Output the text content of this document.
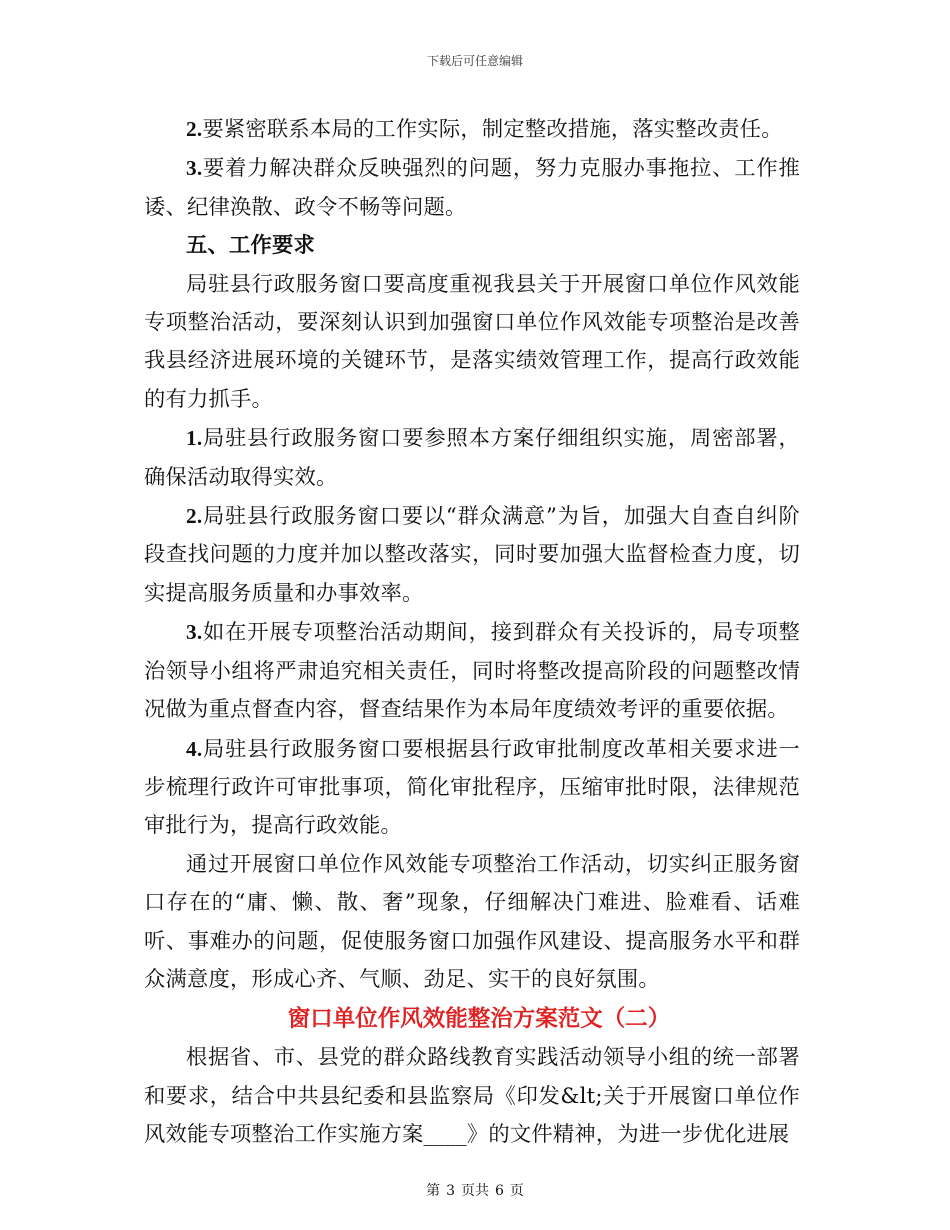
下载后可任意编辑

2.要紧密联系本局的工作实际，制定整改措施，落实整改责任。

3.要着力解决群众反映强烈的问题，努力克服办事拖拉、工作推诿、纪律涣散、政令不畅等问题。

五、工作要求

局驻县行政服务窗口要高度重视我县关于开展窗口单位作风效能专项整治活动，要深刻认识到加强窗口单位作风效能专项整治是改善我县经济进展环境的关键环节，是落实绩效管理工作，提高行政效能的有力抓手。

1.局驻县行政服务窗口要参照本方案仔细组织实施，周密部署，确保活动取得实效。

2.局驻县行政服务窗口要以“群众满意”为旨，加强大自查自纠阶段查找问题的力度并加以整改落实，同时要加强大监督检查力度，切实提高服务质量和办事效率。

3.如在开展专项整治活动期间，接到群众有关投诉的，局专项整治领导小组将严肃追究相关责任，同时将整改提高阶段的问题整改情况做为重点督查内容，督查结果作为本局年度绩效考评的重要依据。

4.局驻县行政服务窗口要根据县行政审批制度改革相关要求进一步梳理行政许可审批事项，简化审批程序，压缩审批时限，法律规范审批行为，提高行政效能。

通过开展窗口单位作风效能专项整治工作活动，切实纠正服务窗口存在的“庸、懒、散、奢”现象，仔细解决门难进、脸难看、话难听、事难办的问题，促使服务窗口加强作风建设、提高服务水平和群众满意度，形成心齐、气顺、劲足、实干的良好氛围。

窗口单位作风效能整治方案范文（二）

根据省、市、县党的群众路线教育实践活动领导小组的统一部署和要求，结合中共县纪委和县监察局《印发&lt;关于开展窗口单位作风效能专项整治工作实施方案____》的文件精神，为进一步优化进展

第 3 页共 6 页
